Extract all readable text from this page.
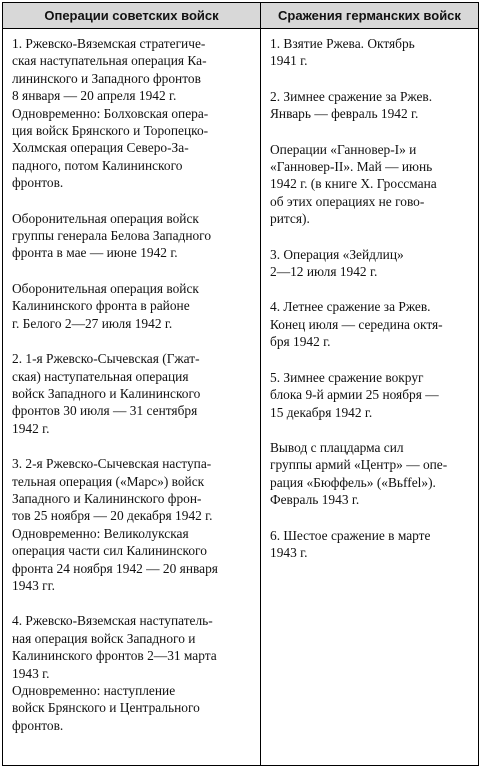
Операции советских войск	Сражения германских войск
1. Ржевско-Вяземская стратегиче-
ская наступательная операция Ка-
лининского и Западного фронтов
8 января — 20 апреля 1942 г.
Одновременно: Болховская опера-
ция войск Брянского и Торопецко-
Холмская операция Северо-За-
падного, потом Калининского
фронтов.
Оборонительная операция войск
группы генерала Белова Западного
фронта в мае — июне 1942 г.
Оборонительная операция войск
Калининского фронта в районе
г. Белого 2—27 июля 1942 г.
2. 1-я Ржевско-Сычевская (Гжат-
ская) наступательная операция
войск Западного и Калининского
фронтов 30 июля — 31 сентября
1942 г.
3. 2-я Ржевско-Сычевская наступа-
тельная операция («Марс») войск
Западного и Калининского фрон-
тов 25 ноября — 20 декабря 1942 г.
Одновременно: Великолукская
операция части сил Калининского
фронта 24 ноября 1942 — 20 января
1943 гг.
4. Ржевско-Вяземская наступатель-
ная операция войск Западного и
Калининского фронтов 2—31 марта
1943 г.
Одновременно: наступление
войск Брянского и Центрального
фронтов.
1. Взятие Ржева. Октябрь
1941 г.
2. Зимнее сражение за Ржев.
Январь — февраль 1942 г.
Операции «Ганновер-I» и
«Ганновер-II». Май — июнь
1942 г. (в книге Х. Гроссмана
об этих операциях не гово-
рится).
3. Операция «Зейдлиц»
2—12 июля 1942 г.
4. Летнее сражение за Ржев.
Конец июля — середина октя-
бря 1942 г.
5. Зимнее сражение вокруг
блока 9-й армии 25 ноября —
15 декабря 1942 г.
Вывод с плацдарма сил
группы армий «Центр» — опе-
рация «Бюффель» («Bьffel»).
Февраль 1943 г.
6. Шестое сражение в марте
1943 г.
